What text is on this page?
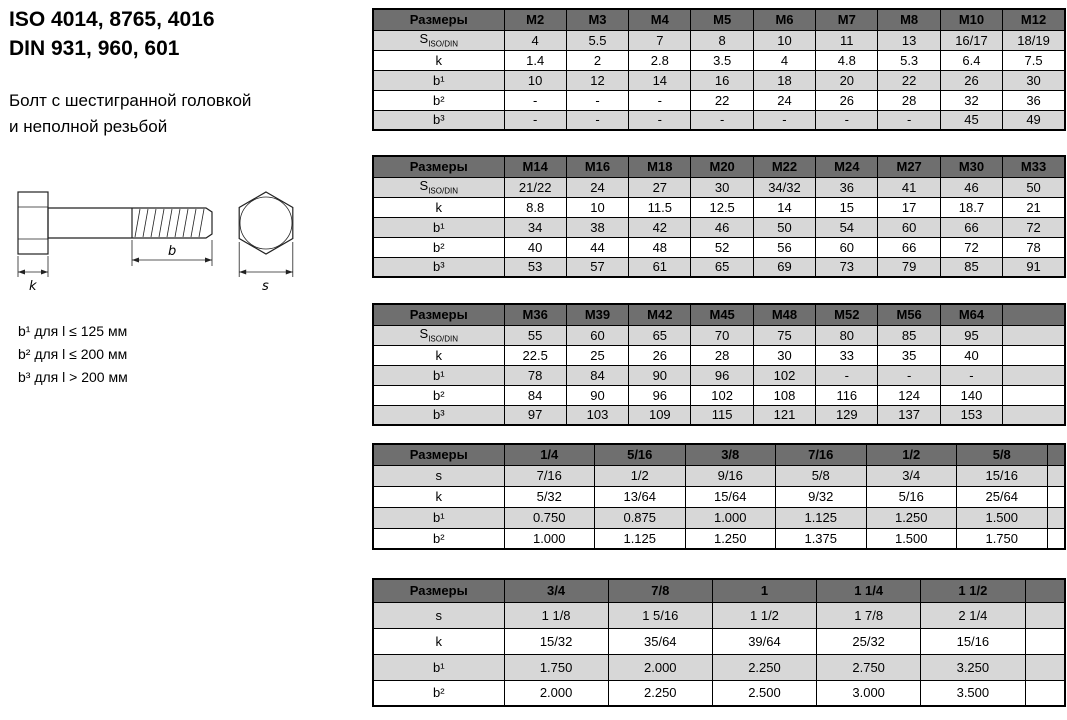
ISO 4014, 8765, 4016
DIN 931, 960, 601
Болт с шестигранной головкой
и неполной резьбой
k
b
s
b¹ для l ≤ 125 мм
b² для l ≤ 200 мм
b³ для l > 200 мм
Размеры	M2	M3	M4	M5	M6	M7	M8	M10	M12
$S_{ISO/DIN}$	4	5.5	7	8	10	11	13	16/17	18/19
k	1.4	2	2.8	3.5	4	4.8	5.3	6.4	7.5
b¹	10	12	14	16	18	20	22	26	30
b²	-	-	-	22	24	26	28	32	36
b³	-	-	-	-	-	-	-	45	49
Размеры	M14	M16	M18	M20	M22	M24	M27	M30	M33
$S_{ISO/DIN}$	21/22	24	27	30	34/32	36	41	46	50
k	8.8	10	11.5	12.5	14	15	17	18.7	21
b¹	34	38	42	46	50	54	60	66	72
b²	40	44	48	52	56	60	66	72	78
b³	53	57	61	65	69	73	79	85	91
Размеры	M36	M39	M42	M45	M48	M52	M56	M64	
$S_{ISO/DIN}$	55	60	65	70	75	80	85	95	
k	22.5	25	26	28	30	33	35	40	
b¹	78	84	90	96	102	-	-	-	
b²	84	90	96	102	108	116	124	140	
b³	97	103	109	115	121	129	137	153	
Размеры	1/4	5/16	3/8	7/16	1/2	5/8	
s	7/16	1/2	9/16	5/8	3/4	15/16	
k	5/32	13/64	15/64	9/32	5/16	25/64	
b¹	0.750	0.875	1.000	1.125	1.250	1.500	
b²	1.000	1.125	1.250	1.375	1.500	1.750	
Размеры	3/4	7/8	1	1 1/4	1 1/2	
s	1 1/8	1 5/16	1 1/2	1 7/8	2 1/4	
k	15/32	35/64	39/64	25/32	15/16	
b¹	1.750	2.000	2.250	2.750	3.250	
b²	2.000	2.250	2.500	3.000	3.500	
